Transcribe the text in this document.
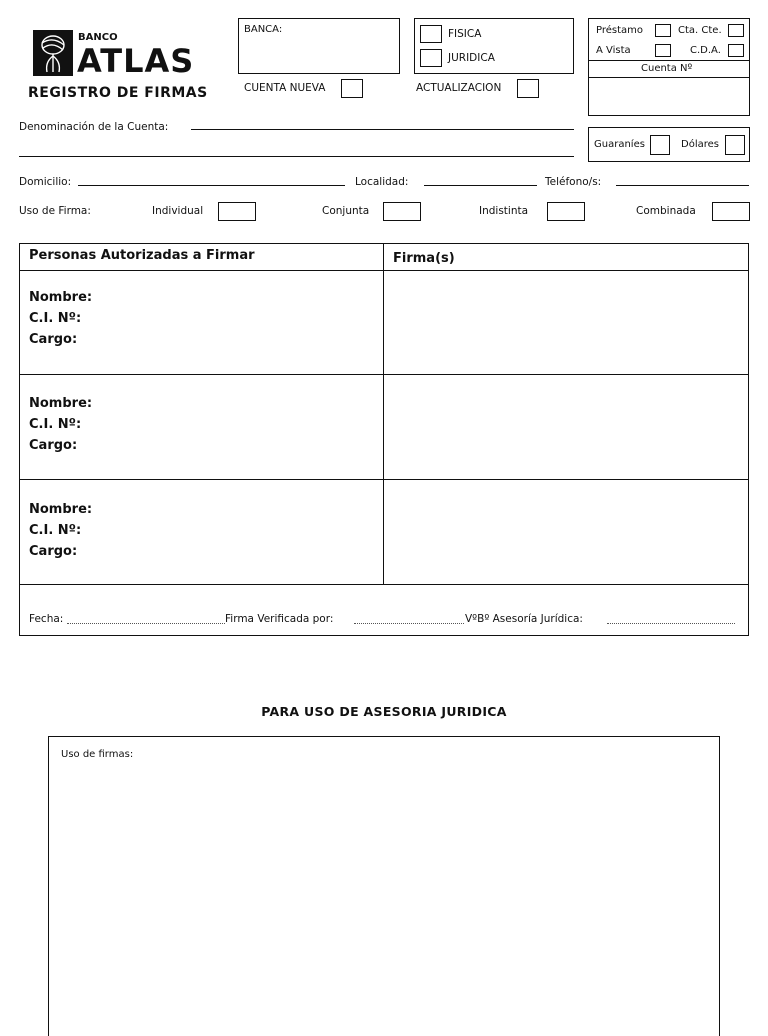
BANCO
ATLAS
REGISTRO DE FIRMAS
BANCA:
CUENTA NUEVA
FISICA
JURIDICA
ACTUALIZACION
Préstamo	Cta. Cte.
A Vista	C.D.A.
Cuenta Nº
Guaraníes	Dólares
Denominación de la Cuenta:
Domicilio:	Localidad:	Teléfono/s:
Uso de Firma:	Individual	Conjunta	Indistinta	Combinada
Personas Autorizadas a Firmar	Firma(s)
Nombre:
C.I. Nº:
Cargo:
Nombre:
C.I. Nº:
Cargo:
Nombre:
C.I. Nº:
Cargo:
Fecha:	Firma Verificada por:	VºBº Asesoría Jurídica:
PARA USO DE ASESORIA JURIDICA
Uso de firmas:
